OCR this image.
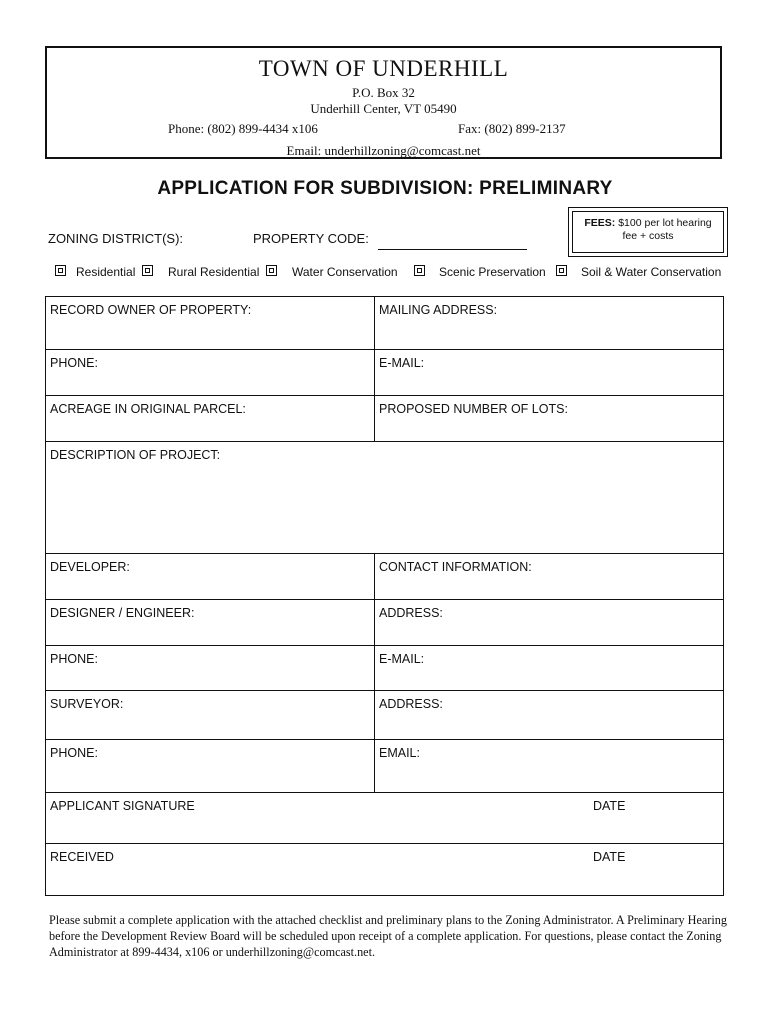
TOWN OF UNDERHILL
P.O. Box 32
Underhill Center, VT 05490
Phone: (802) 899-4434 x106	Fax: (802) 899-2137
Email: underhillzoning@comcast.net
APPLICATION FOR SUBDIVISION: PRELIMINARY
FEES: $100 per lot hearing
fee + costs
ZONING DISTRICT(S):	PROPERTY CODE:
Residential	Rural Residential	Water Conservation	Scenic Preservation	Soil & Water Conservation
RECORD OWNER OF PROPERTY:	MAILING ADDRESS:
PHONE:	E-MAIL:
ACREAGE IN ORIGINAL PARCEL:	PROPOSED NUMBER OF LOTS:
DESCRIPTION OF PROJECT:
DEVELOPER:	CONTACT INFORMATION:
DESIGNER / ENGINEER:	ADDRESS:
PHONE:	E-MAIL:
SURVEYOR:	ADDRESS:
PHONE:	EMAIL:
APPLICANT SIGNATURE	DATE
RECEIVED	DATE
Please submit a complete application with the attached checklist and preliminary plans to the Zoning Administrator. A Preliminary Hearing before the Development Review Board will be scheduled upon receipt of a complete application. For questions, please contact the Zoning Administrator at 899-4434, x106 or underhillzoning@comcast.net.
